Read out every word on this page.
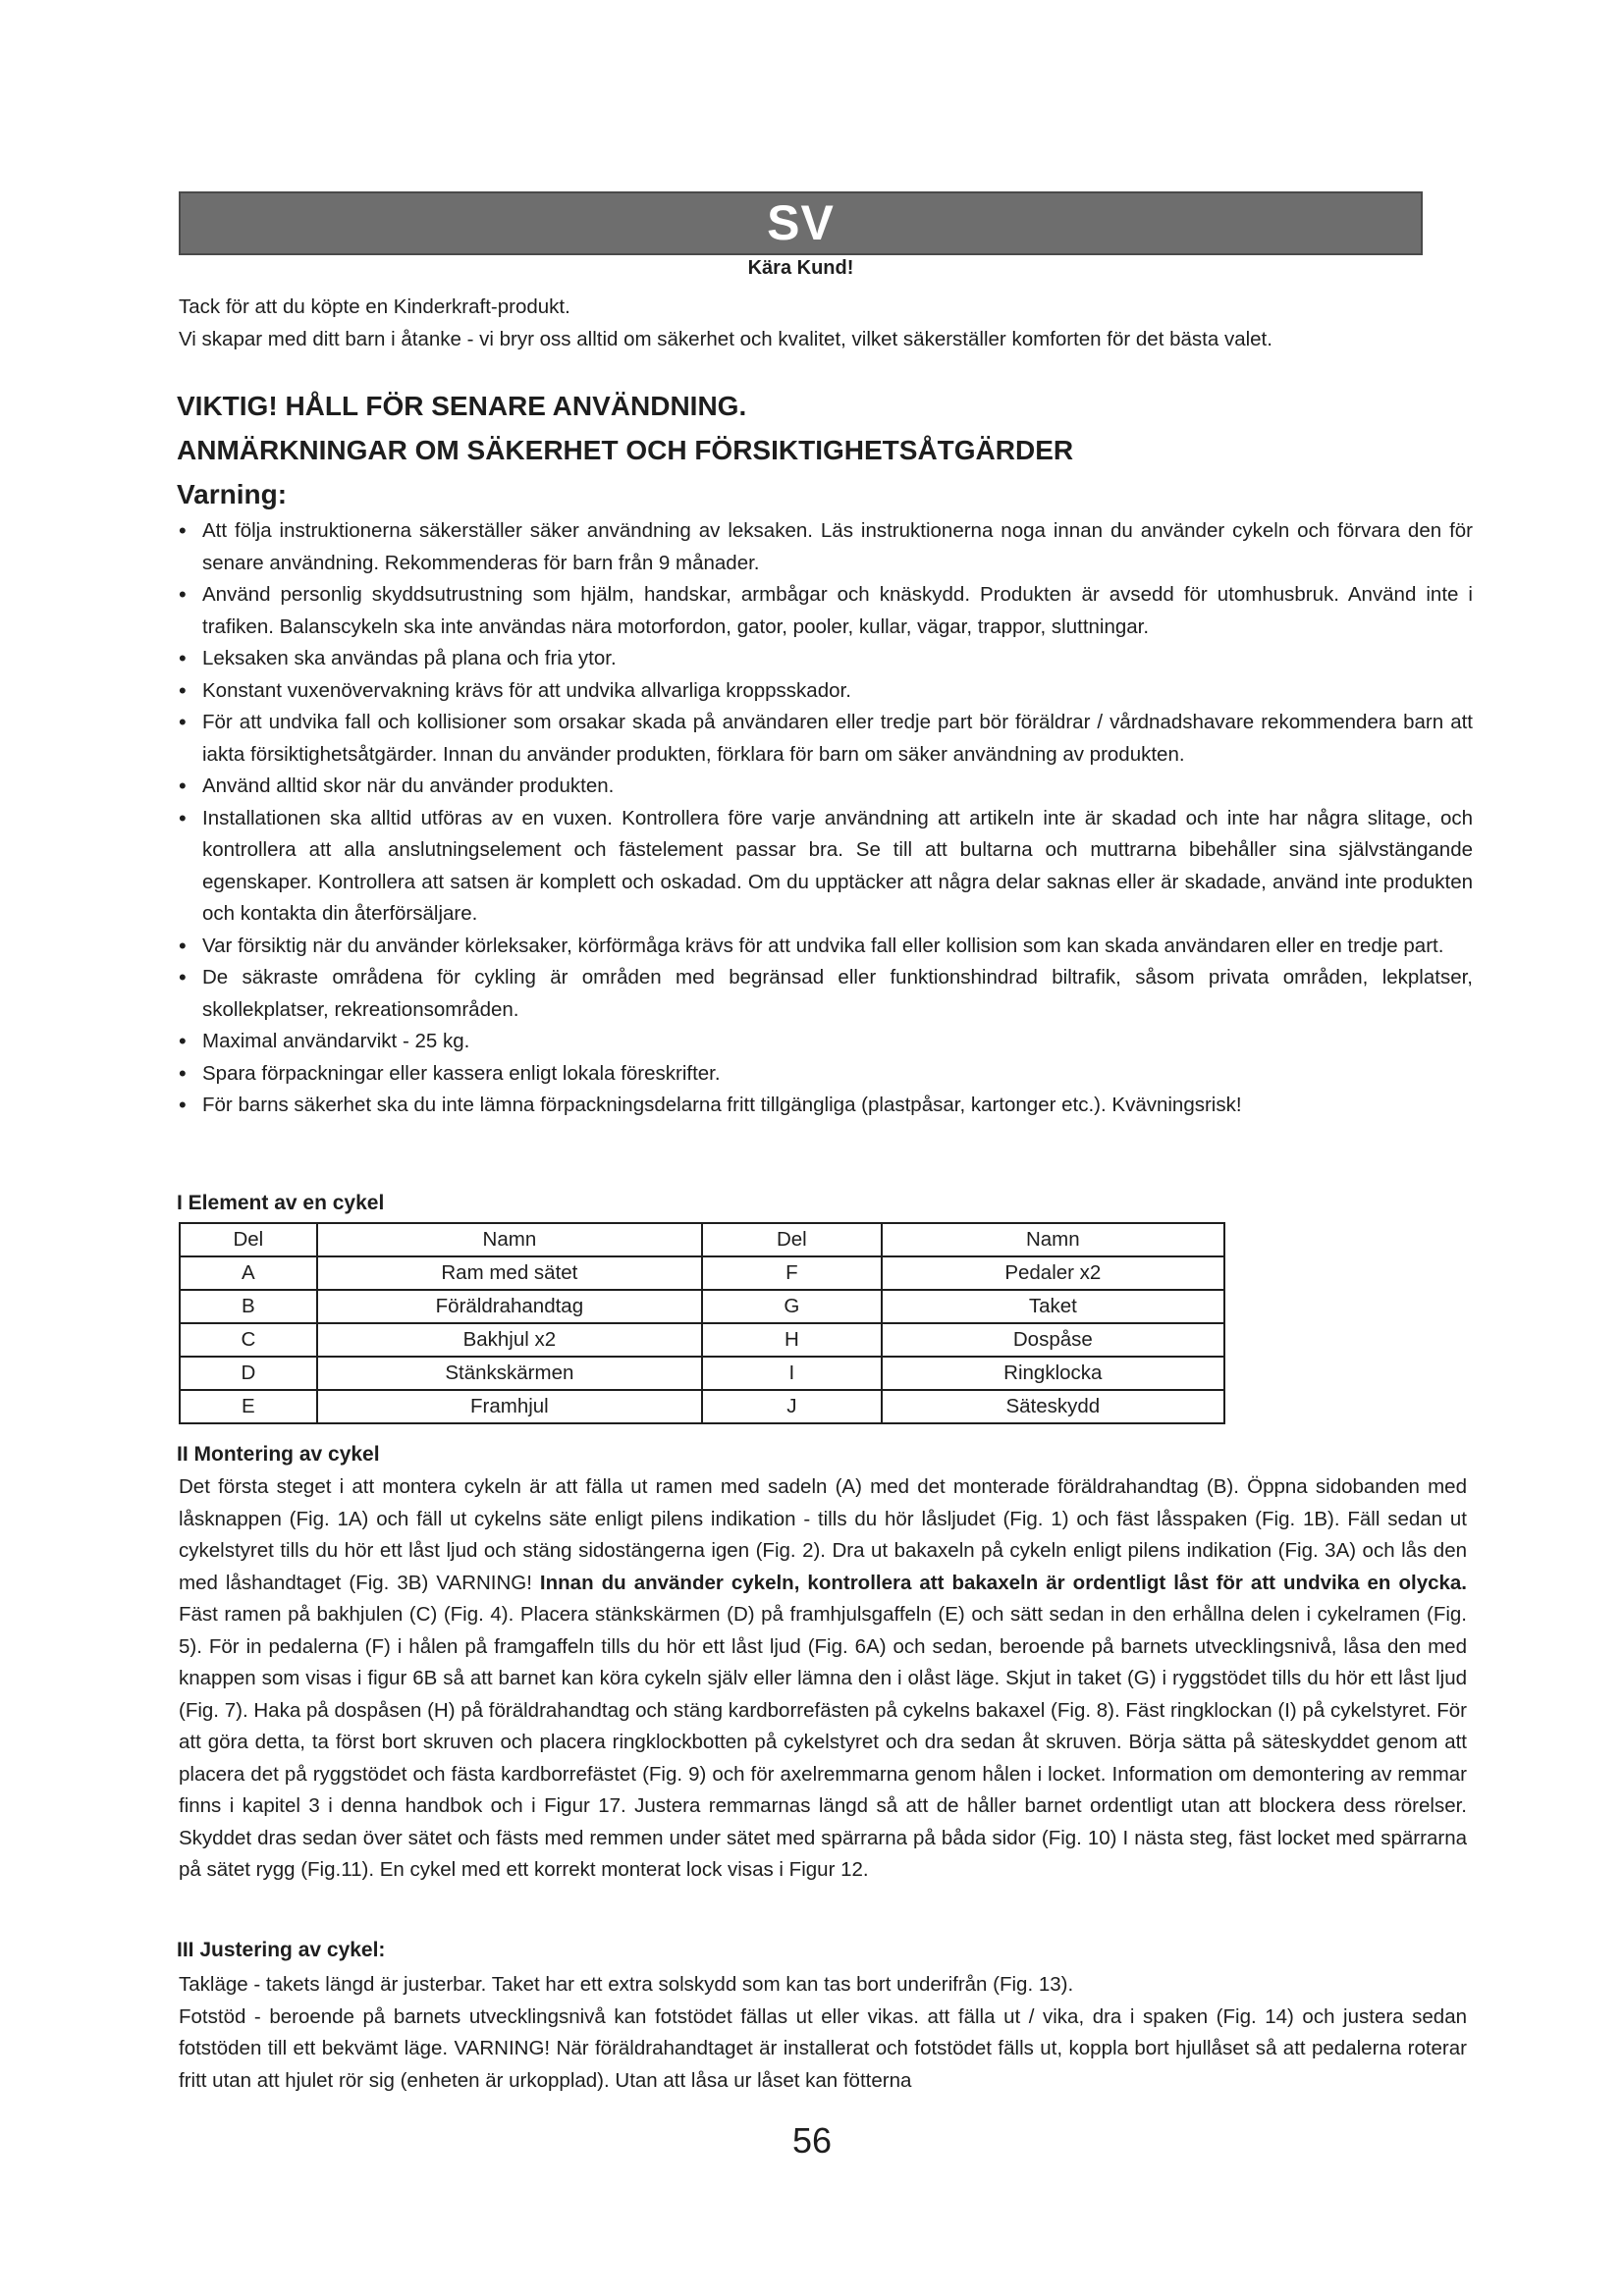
SV
Kära Kund!
Tack för att du köpte en Kinderkraft-produkt.
Vi skapar med ditt barn i åtanke - vi bryr oss alltid om säkerhet och kvalitet, vilket säkerställer komforten för det bästa valet.
VIKTIG! HÅLL FÖR SENARE ANVÄNDNING.
ANMÄRKNINGAR OM SÄKERHET OCH FÖRSIKTIGHETSÅTGÄRDER
Varning:
• Att följa instruktionerna säkerställer säker användning av leksaken. Läs instruktionerna noga innan du använder cykeln och förvara den för senare användning. Rekommenderas för barn från 9 månader.
• Använd personlig skyddsutrustning som hjälm, handskar, armbågar och knäskydd. Produkten är avsedd för utomhusbruk. Använd inte i trafiken. Balanscykeln ska inte användas nära motorfordon, gator, pooler, kullar, vägar, trappor, sluttningar.
• Leksaken ska användas på plana och fria ytor.
• Konstant vuxenövervakning krävs för att undvika allvarliga kroppsskador.
• För att undvika fall och kollisioner som orsakar skada på användaren eller tredje part bör föräldrar / vårdnadshavare rekommendera barn att iakta försiktighetsåtgärder. Innan du använder produkten, förklara för barn om säker användning av produkten.
• Använd alltid skor när du använder produkten.
• Installationen ska alltid utföras av en vuxen. Kontrollera före varje användning att artikeln inte är skadad och inte har några slitage, och kontrollera att alla anslutningselement och fästelement passar bra. Se till att bultarna och muttrarna bibehåller sina självstängande egenskaper. Kontrollera att satsen är komplett och oskadad. Om du upptäcker att några delar saknas eller är skadade, använd inte produkten och kontakta din återförsäljare.
• Var försiktig när du använder körleksaker, körförmåga krävs för att undvika fall eller kollision som kan skada användaren eller en tredje part.
• De säkraste områdena för cykling är områden med begränsad eller funktionshindrad biltrafik, såsom privata områden, lekplatser, skollekplatser, rekreationsområden.
• Maximal användarvikt - 25 kg.
• Spara förpackningar eller kassera enligt lokala föreskrifter.
• För barns säkerhet ska du inte lämna förpackningsdelarna fritt tillgängliga (plastpåsar, kartonger etc.). Kvävningsrisk!
I Element av en cykel
Del	Namn	Del	Namn
A	Ram med sätet	F	Pedaler x2
B	Föräldrahandtag	G	Taket
C	Bakhjul x2	H	Dospåse
D	Stänkskärmen	I	Ringklocka
E	Framhjul	J	Säteskydd
II Montering av cykel
Det första steget i att montera cykeln är att fälla ut ramen med sadeln (A) med det monterade föräldrahandtag (B). Öppna sidobanden med låsknappen (Fig. 1A) och fäll ut cykelns säte enligt pilens indikation - tills du hör låsljudet (Fig. 1) och fäst låsspaken (Fig. 1B). Fäll sedan ut cykelstyret tills du hör ett låst ljud och stäng sidostängerna igen (Fig. 2). Dra ut bakaxeln på cykeln enligt pilens indikation (Fig. 3A) och lås den med låshandtaget (Fig. 3B) VARNING! Innan du använder cykeln, kontrollera att bakaxeln är ordentligt låst för att undvika en olycka. Fäst ramen på bakhjulen (C) (Fig. 4). Placera stänkskärmen (D) på framhjulsgaffeln (E) och sätt sedan in den erhållna delen i cykelramen (Fig. 5). För in pedalerna (F) i hålen på framgaffeln tills du hör ett låst ljud (Fig. 6A) och sedan, beroende på barnets utvecklingsnivå, låsa den med knappen som visas i figur 6B så att barnet kan köra cykeln själv eller lämna den i olåst läge. Skjut in taket (G) i ryggstödet tills du hör ett låst ljud (Fig. 7). Haka på dospåsen (H) på föräldrahandtag och stäng kardborrefästen på cykelns bakaxel (Fig. 8). Fäst ringklockan (I) på cykelstyret. För att göra detta, ta först bort skruven och placera ringklockbotten på cykelstyret och dra sedan åt skruven. Börja sätta på säteskyddet genom att placera det på ryggstödet och fästa kardborrefästet (Fig. 9) och för axelremmarna genom hålen i locket. Information om demontering av remmar finns i kapitel 3 i denna handbok och i Figur 17. Justera remmarnas längd så att de håller barnet ordentligt utan att blockera dess rörelser. Skyddet dras sedan över sätet och fästs med remmen under sätet med spärrarna på båda sidor (Fig. 10) I nästa steg, fäst locket med spärrarna på sätet rygg (Fig.11). En cykel med ett korrekt monterat lock visas i Figur 12.
III Justering av cykel:
Takläge - takets längd är justerbar. Taket har ett extra solskydd som kan tas bort underifrån (Fig. 13).
Fotstöd - beroende på barnets utvecklingsnivå kan fotstödet fällas ut eller vikas. att fälla ut / vika, dra i spaken (Fig. 14) och justera sedan fotstöden till ett bekvämt läge. VARNING! När föräldrahandtaget är installerat och fotstödet fälls ut, koppla bort hjullåset så att pedalerna roterar fritt utan att hjulet rör sig (enheten är urkopplad). Utan att låsa ur låset kan fötterna
56
